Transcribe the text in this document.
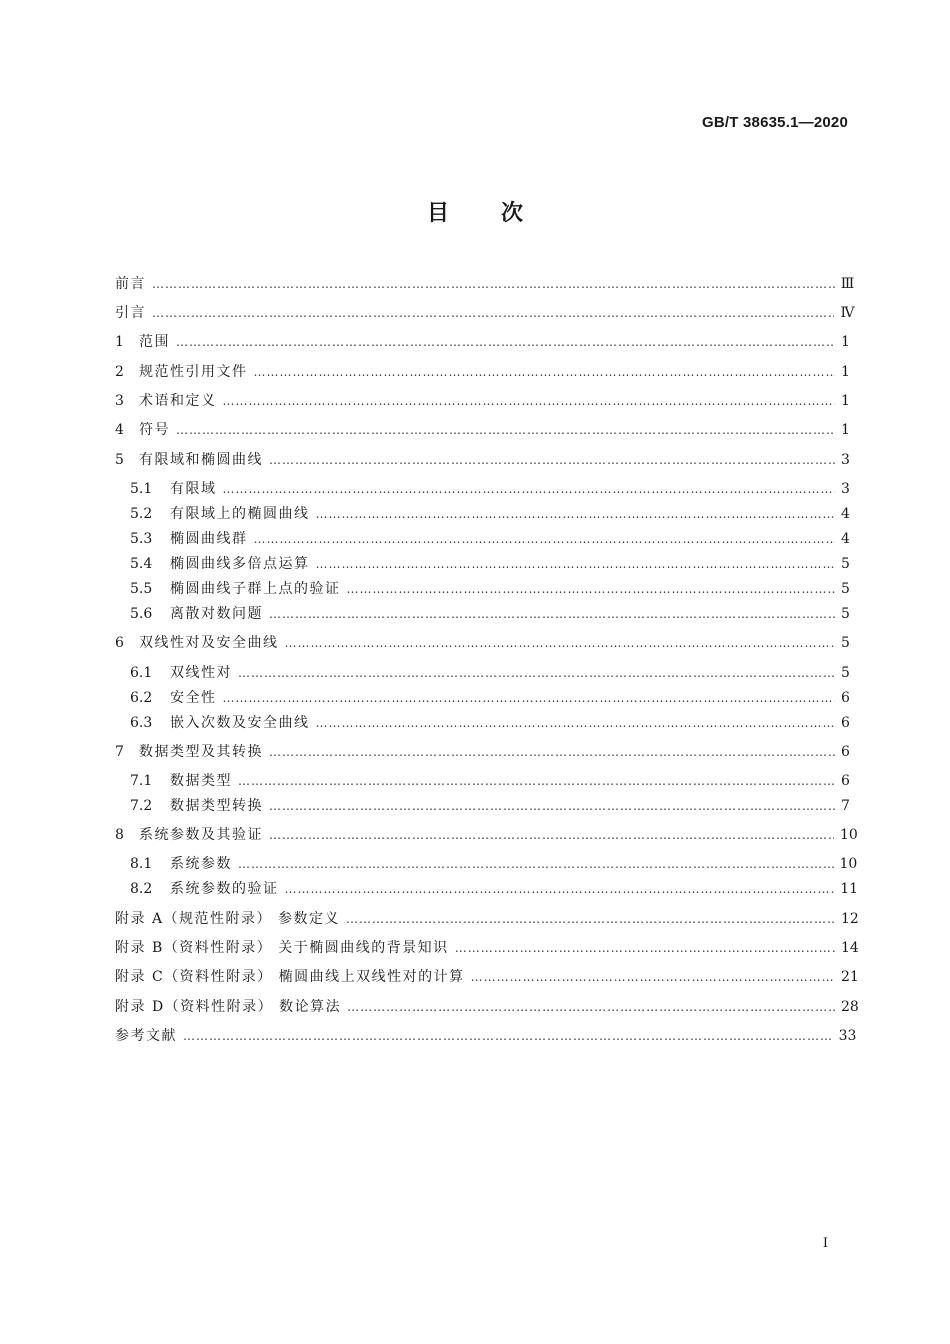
GB/T 38635.1—2020
目次
前言 ……………………………………………………………………………………………………………………………………………………………………………………………………………………………………	Ⅲ
引言 ……………………………………………………………………………………………………………………………………………………………………………………………………………………………………	Ⅳ
1	范围 ……………………………………………………………………………………………………………………………………………………………………………………………………………………………………	1
2	规范性引用文件 ……………………………………………………………………………………………………………………………………………………………………………………………………………………………………	1
3	术语和定义 ……………………………………………………………………………………………………………………………………………………………………………………………………………………………………	1
4	符号 ……………………………………………………………………………………………………………………………………………………………………………………………………………………………………	1
5	有限域和椭圆曲线 ……………………………………………………………………………………………………………………………………………………………………………………………………………………………………	3
5.1	有限域 ……………………………………………………………………………………………………………………………………………………………………………………………………………………………………	3
5.2	有限域上的椭圆曲线 ……………………………………………………………………………………………………………………………………………………………………………………………………………………………………	4
5.3	椭圆曲线群 ……………………………………………………………………………………………………………………………………………………………………………………………………………………………………	4
5.4	椭圆曲线多倍点运算 ……………………………………………………………………………………………………………………………………………………………………………………………………………………………………	5
5.5	椭圆曲线子群上点的验证 ……………………………………………………………………………………………………………………………………………………………………………………………………………………………………	5
5.6	离散对数问题 ……………………………………………………………………………………………………………………………………………………………………………………………………………………………………	5
6	双线性对及安全曲线 ……………………………………………………………………………………………………………………………………………………………………………………………………………………………………	5
6.1	双线性对 ……………………………………………………………………………………………………………………………………………………………………………………………………………………………………	5
6.2	安全性 ……………………………………………………………………………………………………………………………………………………………………………………………………………………………………	6
6.3	嵌入次数及安全曲线 ……………………………………………………………………………………………………………………………………………………………………………………………………………………………………	6
7	数据类型及其转换 ……………………………………………………………………………………………………………………………………………………………………………………………………………………………………	6
7.1	数据类型 ……………………………………………………………………………………………………………………………………………………………………………………………………………………………………	6
7.2	数据类型转换 ……………………………………………………………………………………………………………………………………………………………………………………………………………………………………	7
8	系统参数及其验证 ……………………………………………………………………………………………………………………………………………………………………………………………………………………………………	10
8.1	系统参数 ……………………………………………………………………………………………………………………………………………………………………………………………………………………………………	10
8.2	系统参数的验证 ……………………………………………………………………………………………………………………………………………………………………………………………………………………………………	11
附录 A（规范性附录） 参数定义 ……………………………………………………………………………………………………………………………………………………………………………………………………………………………………	12
附录 B（资料性附录） 关于椭圆曲线的背景知识 ……………………………………………………………………………………………………………………………………………………………………………………………………………………………………	14
附录 C（资料性附录） 椭圆曲线上双线性对的计算 ……………………………………………………………………………………………………………………………………………………………………………………………………………………………………	21
附录 D（资料性附录） 数论算法 ……………………………………………………………………………………………………………………………………………………………………………………………………………………………………	28
参考文献 ……………………………………………………………………………………………………………………………………………………………………………………………………………………………………	33
Ⅰ
